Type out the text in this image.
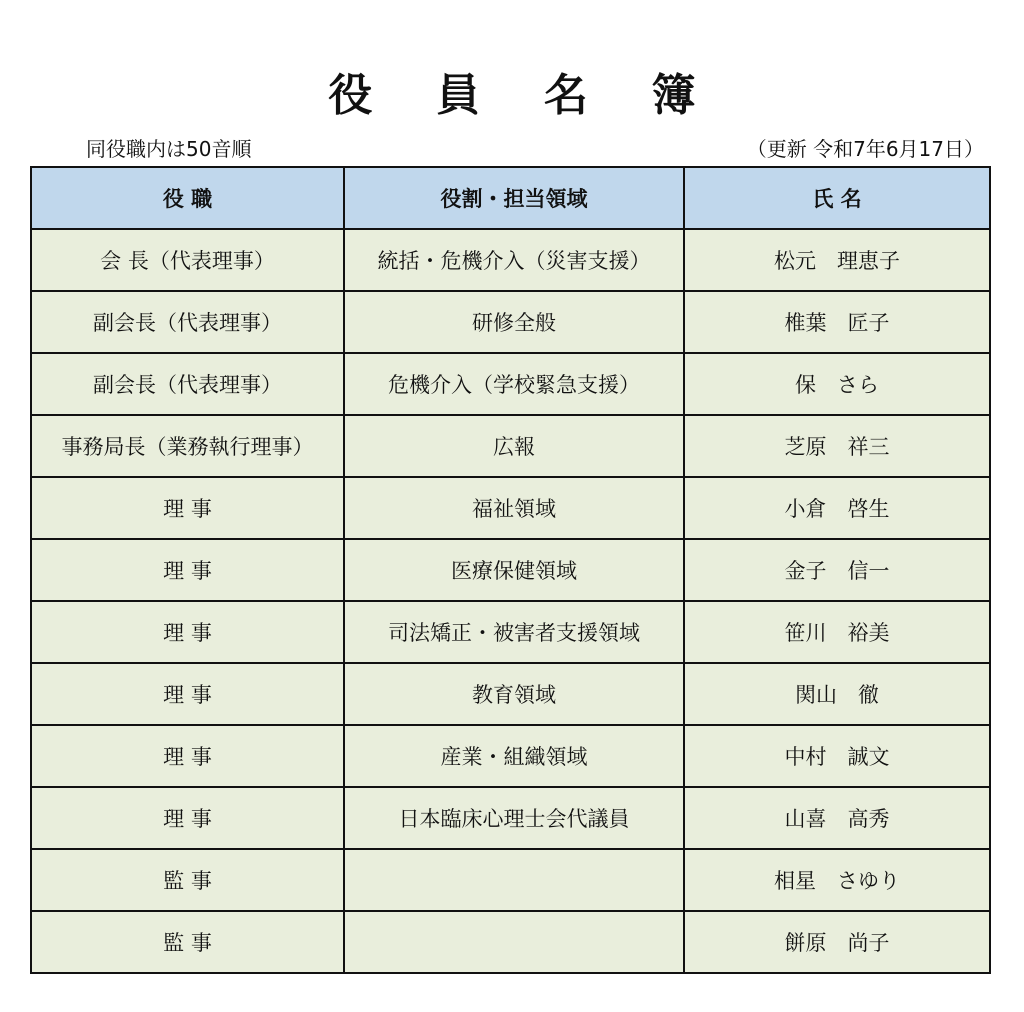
役 員 名 簿
同役職内は50音順	（更新 令和7年6月17日）
役 職	役割・担当領域	氏 名
会 長（代表理事）	統括・危機介入（災害支援）	松元　理恵子
副会長（代表理事）	研修全般	椎葉　匠子
副会長（代表理事）	危機介入（学校緊急支援）	保　さら
事務局長（業務執行理事）	広報	芝原　祥三
理 事	福祉領域	小倉　啓生
理 事	医療保健領域	金子　信一
理 事	司法矯正・被害者支援領域	笹川　裕美
理 事	教育領域	関山　徹
理 事	産業・組織領域	中村　誠文
理 事	日本臨床心理士会代議員	山喜　高秀
監 事		相星　さゆり
監 事		餅原　尚子
